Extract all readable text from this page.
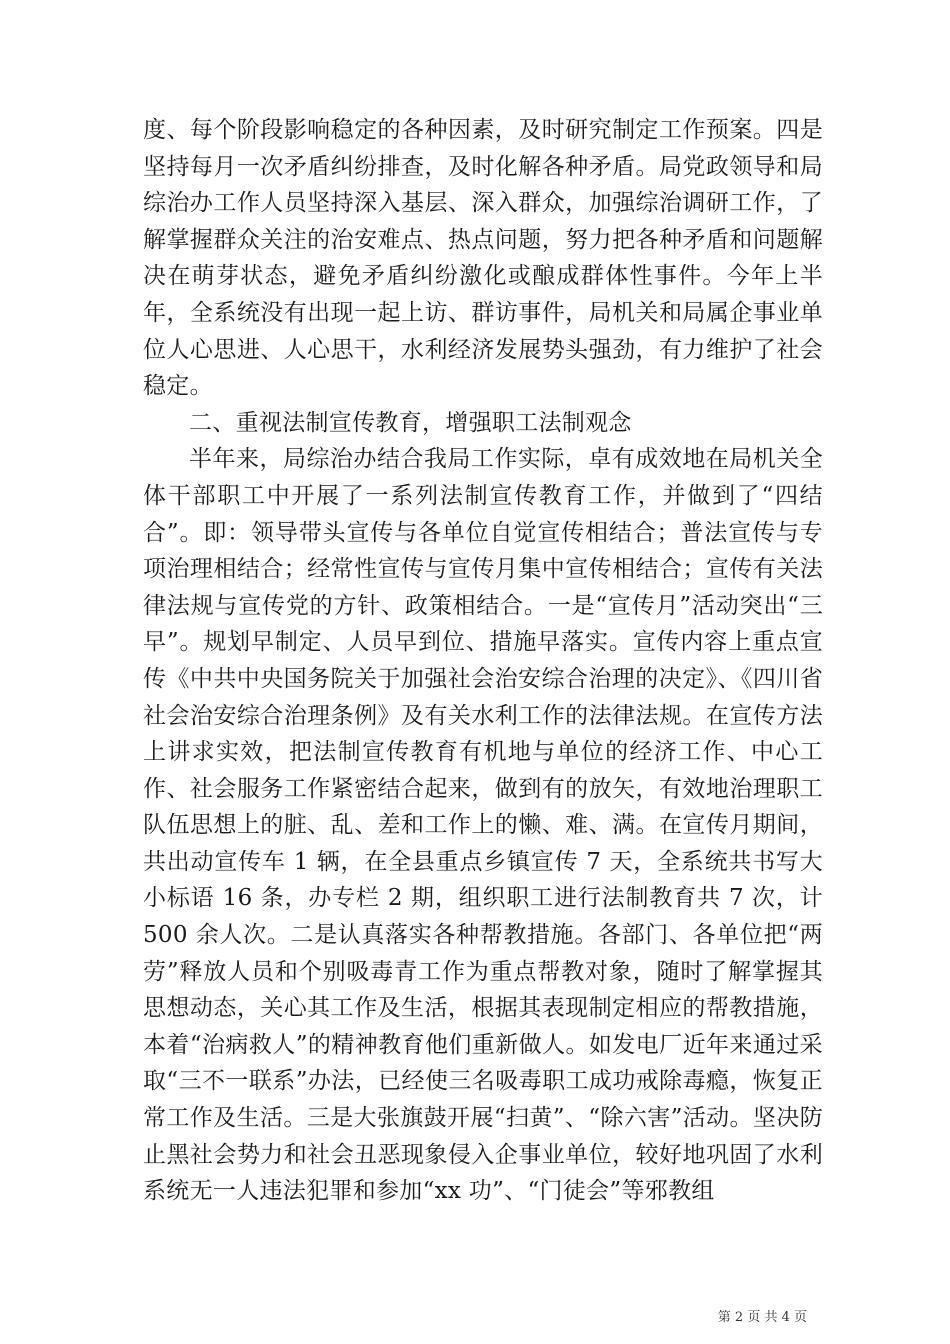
度、每个阶段影响稳定的各种因素，及时研究制定工作预案。四是坚持每月一次矛盾纠纷排查，及时化解各种矛盾。局党政领导和局综治办工作人员坚持深入基层、深入群众，加强综治调研工作，了解掌握群众关注的治安难点、热点问题，努力把各种矛盾和问题解决在萌芽状态，避免矛盾纠纷激化或酿成群体性事件。今年上半年，全系统没有出现一起上访、群访事件，局机关和局属企事业单位人心思进、人心思干，水利经济发展势头强劲，有力维护了社会稳定。

二、重视法制宣传教育，增强职工法制观念

半年来，局综治办结合我局工作实际，卓有成效地在局机关全体干部职工中开展了一系列法制宣传教育工作，并做到了“四结合”。即：领导带头宣传与各单位自觉宣传相结合；普法宣传与专项治理相结合；经常性宣传与宣传月集中宣传相结合；宣传有关法律法规与宣传党的方针、政策相结合。一是“宣传月”活动突出“三早”。规划早制定、人员早到位、措施早落实。宣传内容上重点宣传《中共中央国务院关于加强社会治安综合治理的决定》、《四川省社会治安综合治理条例》及有关水利工作的法律法规。在宣传方法上讲求实效，把法制宣传教育有机地与单位的经济工作、中心工作、社会服务工作紧密结合起来，做到有的放矢，有效地治理职工队伍思想上的脏、乱、差和工作上的懒、难、满。在宣传月期间，共出动宣传车 1 辆，在全县重点乡镇宣传 7 天，全系统共书写大小标语 16 条，办专栏 2 期，组织职工进行法制教育共 7 次，计 500 余人次。二是认真落实各种帮教措施。各部门、各单位把“两劳”释放人员和个别吸毒青工作为重点帮教对象，随时了解掌握其思想动态，关心其工作及生活，根据其表现制定相应的帮教措施，本着“治病救人”的精神教育他们重新做人。如发电厂近年来通过采取“三不一联系”办法，已经使三名吸毒职工成功戒除毒瘾，恢复正常工作及生活。三是大张旗鼓开展“扫黄”、“除六害”活动。坚决防止黑社会势力和社会丑恶现象侵入企事业单位，较好地巩固了水利系统无一人违法犯罪和参加“xx 功”、“门徒会”等邪教组

第 2 页 共 4 页
